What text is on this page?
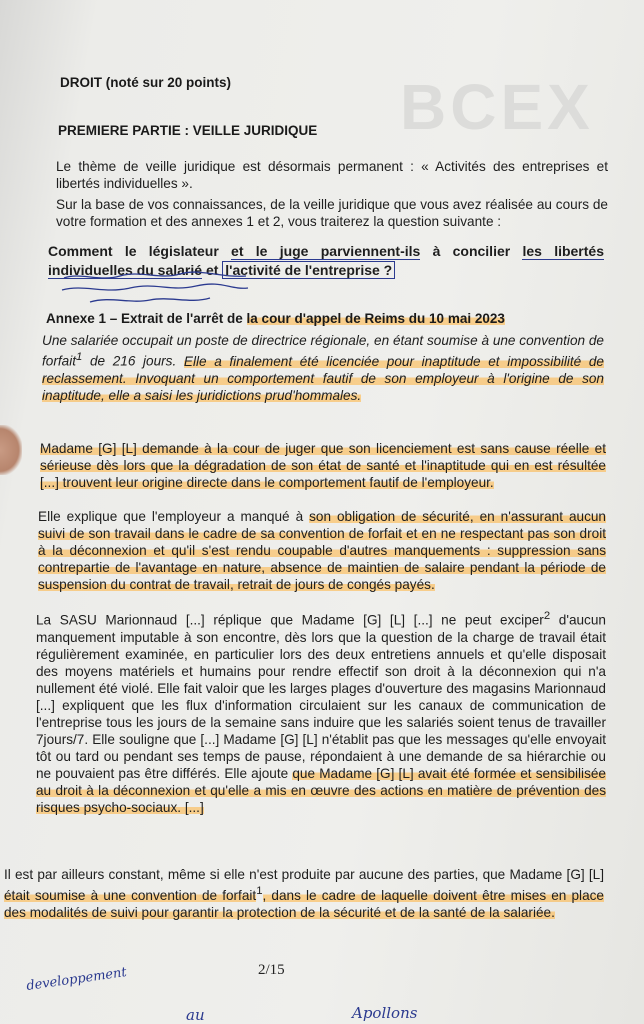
BCEX
DROIT (noté sur 20 points)
PREMIERE PARTIE : VEILLE JURIDIQUE
Le thème de veille juridique est désormais permanent : « Activités des entreprises et libertés individuelles ».
Sur la base de vos connaissances, de la veille juridique que vous avez réalisée au cours de votre formation et des annexes 1 et 2, vous traiterez la question suivante :
Comment le législateur et le juge parviennent-ils à concilier les libertés individuelles du salarié et l'activité de l'entreprise ?
Annexe 1 – Extrait de l'arrêt de la cour d'appel de Reims du 10 mai 2023
Une salariée occupait un poste de directrice régionale, en étant soumise à une convention de forfait$^1$ de 216 jours. Elle a finalement été licenciée pour inaptitude et impossibilité de reclassement. Invoquant un comportement fautif de son employeur à l'origine de son inaptitude, elle a saisi les juridictions prud'hommales.
Madame [G] [L] demande à la cour de juger que son licenciement est sans cause réelle et sérieuse dès lors que la dégradation de son état de santé et l'inaptitude qui en est résultée [...] trouvent leur origine directe dans le comportement fautif de l'employeur.
Elle explique que l'employeur a manqué à son obligation de sécurité, en n'assurant aucun suivi de son travail dans le cadre de sa convention de forfait et en ne respectant pas son droit à la déconnexion et qu'il s'est rendu coupable d'autres manquements : suppression sans contrepartie de l'avantage en nature, absence de maintien de salaire pendant la période de suspension du contrat de travail, retrait de jours de congés payés.
La SASU Marionnaud [...] réplique que Madame [G] [L] [...] ne peut exciper$^2$ d'aucun manquement imputable à son encontre, dès lors que la question de la charge de travail était régulièrement examinée, en particulier lors des deux entretiens annuels et qu'elle disposait des moyens matériels et humains pour rendre effectif son droit à la déconnexion qui n'a nullement été violé. Elle fait valoir que les larges plages d'ouverture des magasins Marionnaud [...] expliquent que les flux d'information circulaient sur les canaux de communication de l'entreprise tous les jours de la semaine sans induire que les salariés soient tenus de travailler 7jours/7. Elle souligne que [...] Madame [G] [L] n'établit pas que les messages qu'elle envoyait tôt ou tard ou pendant ses temps de pause, répondaient à une demande de sa hiérarchie ou ne pouvaient pas être différés. Elle ajoute que Madame [G] [L] avait été formée et sensibilisée au droit à la déconnexion et qu'elle a mis en œuvre des actions en matière de prévention des risques psycho-sociaux. [...]
Il est par ailleurs constant, même si elle n'est produite par aucune des parties, que Madame [G] [L] était soumise à une convention de forfait$^1$, dans le cadre de laquelle doivent être mises en place des modalités de suivi pour garantir la protection de la sécurité et de la santé de la salariée.
2/15
developpement
au	Apollons
